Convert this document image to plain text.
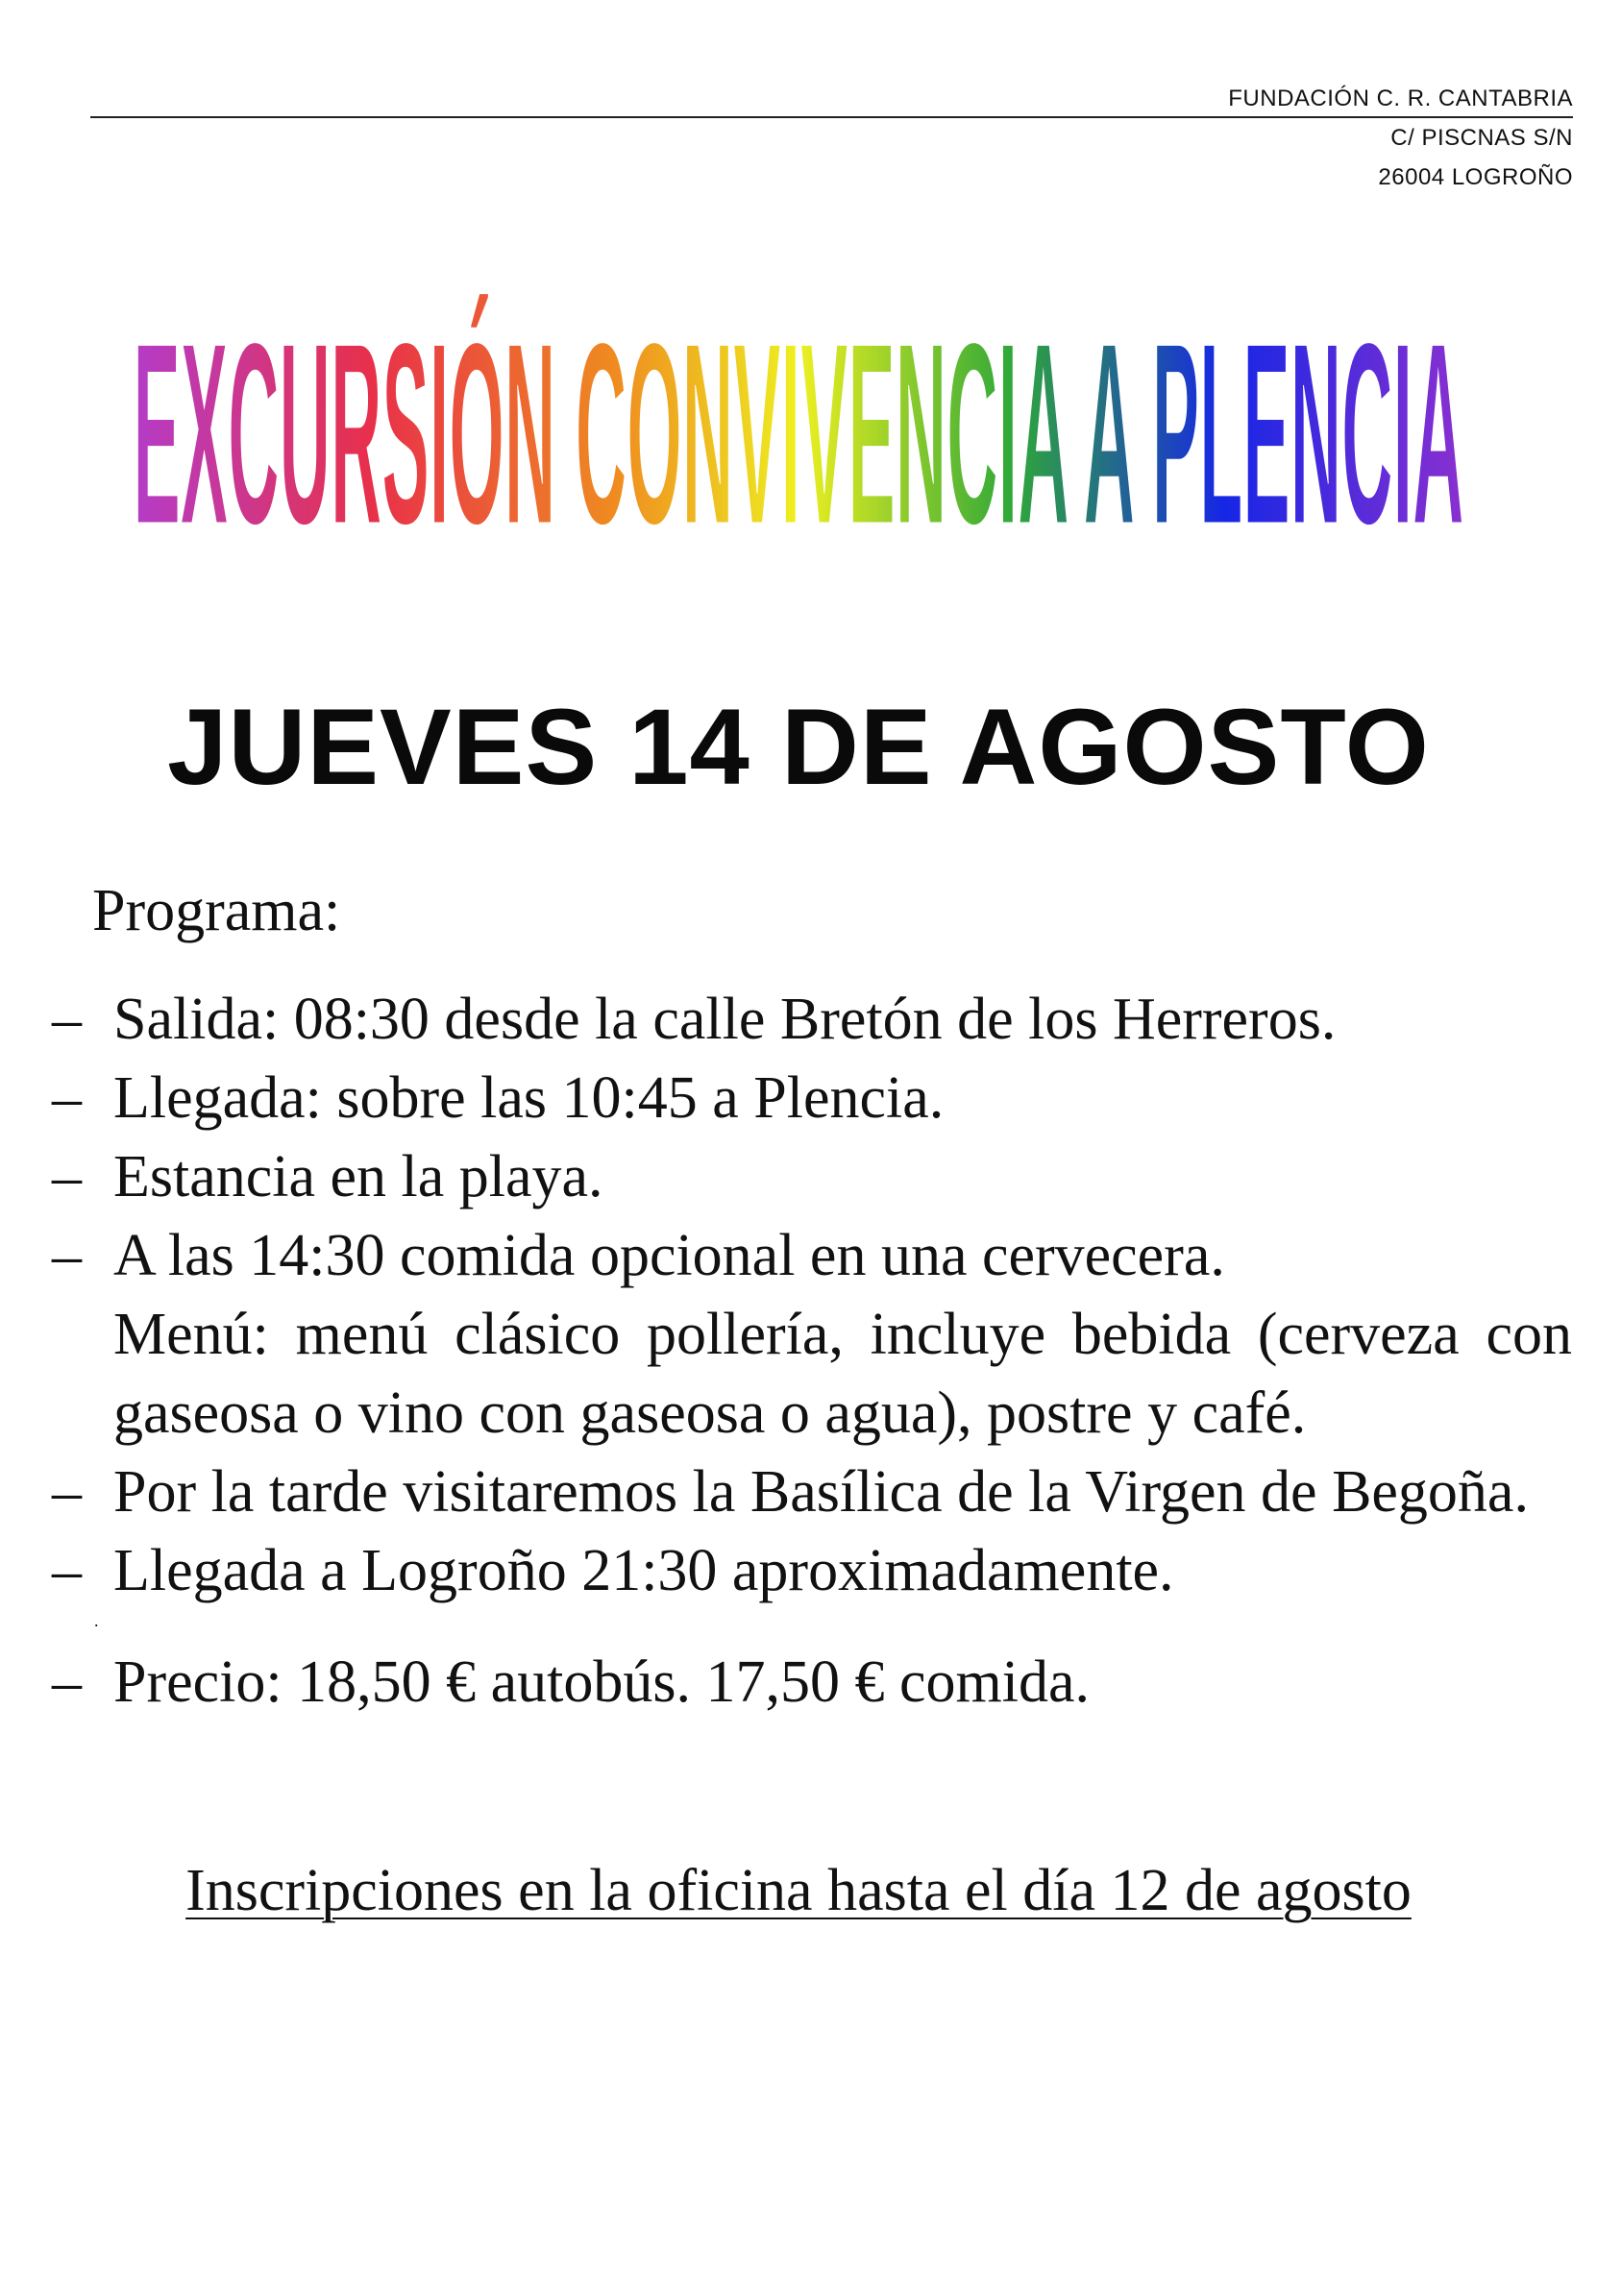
FUNDACIÓN C. R. CANTABRIA
C/ PISCNAS S/N
26004 LOGROÑO
EXCURSIÓN CONVIVENCIA A PLENCIA
JUEVES 14 DE AGOSTO
Programa:
– Salida: 08:30 desde la calle Bretón de los Herreros.
– Llegada: sobre las 10:45 a Plencia.
– Estancia en la playa.
– A las 14:30 comida opcional en una cervecera.
Menú: menú clásico pollería, incluye bebida (cerveza con gaseosa o vino con gaseosa o agua), postre y café.
– Por la tarde visitaremos la Basílica de la Virgen de Begoña.
– Llegada a Logroño 21:30 aproximadamente.
.
– Precio: 18,50 € autobús. 17,50 € comida.
Inscripciones en la oficina hasta el día 12 de agosto
